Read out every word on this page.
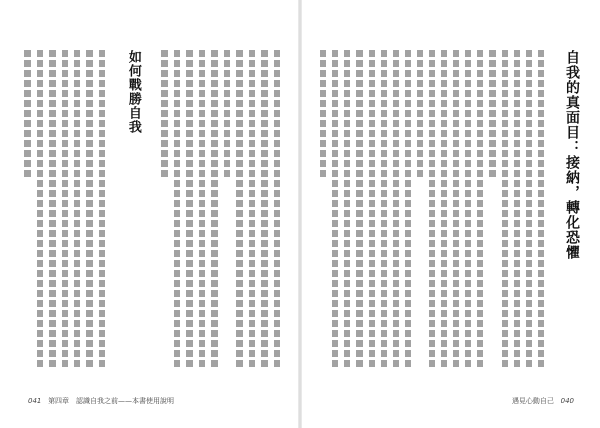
如何戰勝自我
041 第四章　認識自我之前——本書使用說明
自我的真面目：接納，轉化恐懼
遇見心動自己 040
